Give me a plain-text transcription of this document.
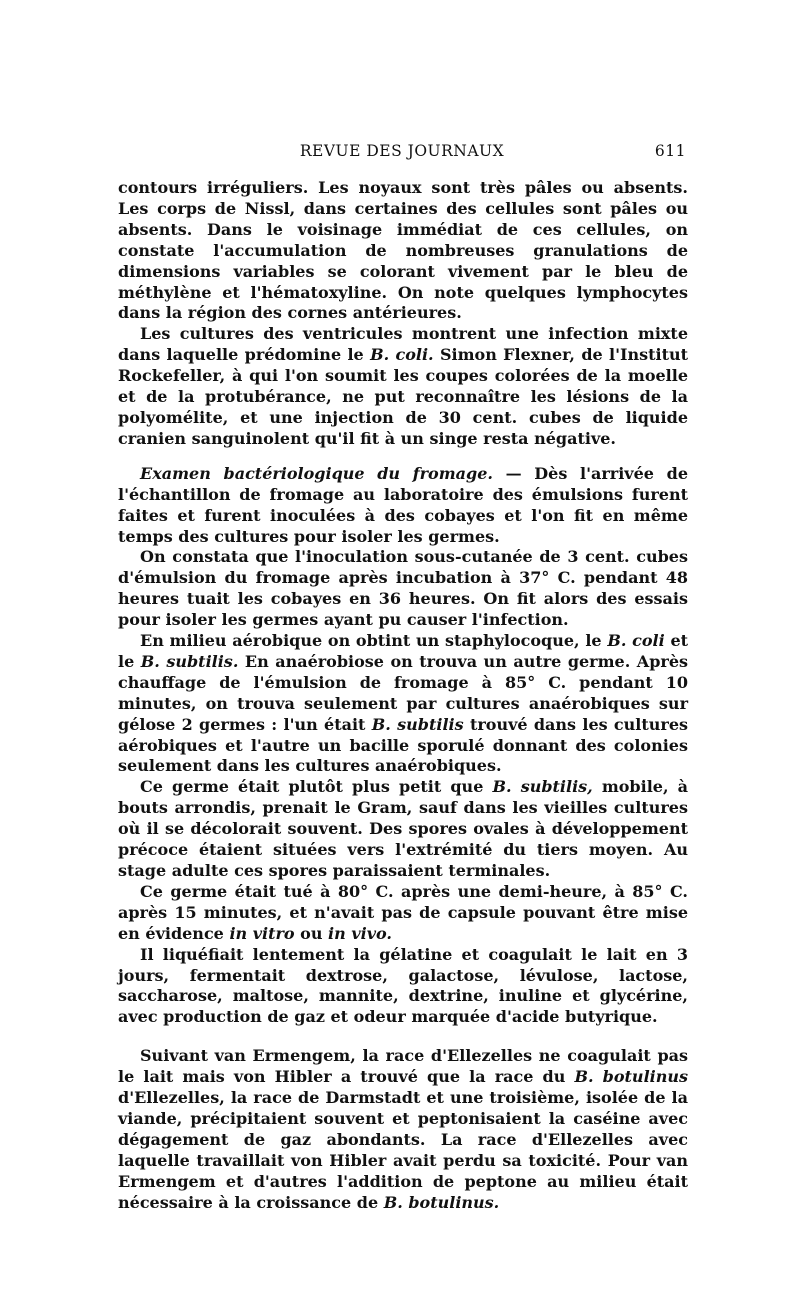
REVUE DES JOURNAUX	611

contours irréguliers. Les noyaux sont très pâles ou absents. Les corps de Nissl, dans certaines des cellules sont pâles ou absents. Dans le voisinage immédiat de ces cellules, on constate l'accumulation de nombreuses granulations de dimensions variables se colorant vivement par le bleu de méthylène et l'hématoxyline. On note quelques lymphocytes dans la région des cornes antérieures.

Les cultures des ventricules montrent une infection mixte dans laquelle prédomine le B. coli. Simon Flexner, de l'Institut Rockefeller, à qui l'on soumit les coupes colorées de la moelle et de la protubérance, ne put reconnaître les lésions de la polyomélite, et une injection de 30 cent. cubes de liquide cranien sanguinolent qu'il fit à un singe resta négative.

Examen bactériologique du fromage. — Dès l'arrivée de l'échantillon de fromage au laboratoire des émulsions furent faites et furent inoculées à des cobayes et l'on fit en même temps des cultures pour isoler les germes.

On constata que l'inoculation sous-cutanée de 3 cent. cubes d'émulsion du fromage après incubation à 37° C. pendant 48 heures tuait les cobayes en 36 heures. On fit alors des essais pour isoler les germes ayant pu causer l'infection.

En milieu aérobique on obtint un staphylocoque, le B. coli et le B. subtilis. En anaérobiose on trouva un autre germe. Après chauffage de l'émulsion de fromage à 85° C. pendant 10 minutes, on trouva seulement par cultures anaérobiques sur gélose 2 germes : l'un était B. subtilis trouvé dans les cultures aérobiques et l'autre un bacille sporulé donnant des colonies seulement dans les cultures anaérobiques.

Ce germe était plutôt plus petit que B. subtilis, mobile, à bouts arrondis, prenait le Gram, sauf dans les vieilles cultures où il se décolorait souvent. Des spores ovales à développement précoce étaient situées vers l'extrémité du tiers moyen. Au stage adulte ces spores paraissaient terminales.

Ce germe était tué à 80° C. après une demi-heure, à 85° C. après 15 minutes, et n'avait pas de capsule pouvant être mise en évidence in vitro ou in vivo.

Il liquéfiait lentement la gélatine et coagulait le lait en 3 jours, fermentait dextrose, galactose, lévulose, lactose, saccharose, maltose, mannite, dextrine, inuline et glycérine, avec production de gaz et odeur marquée d'acide butyrique.

Suivant van Ermengem, la race d'Ellezelles ne coagulait pas le lait mais von Hibler a trouvé que la race du B. botulinus d'Ellezelles, la race de Darmstadt et une troisième, isolée de la viande, précipitaient souvent et peptonisaient la caséine avec dégagement de gaz abondants. La race d'Ellezelles avec laquelle travaillait von Hibler avait perdu sa toxicité. Pour van Ermengem et d'autres l'addition de peptone au milieu était nécessaire à la croissance de B. botulinus.
